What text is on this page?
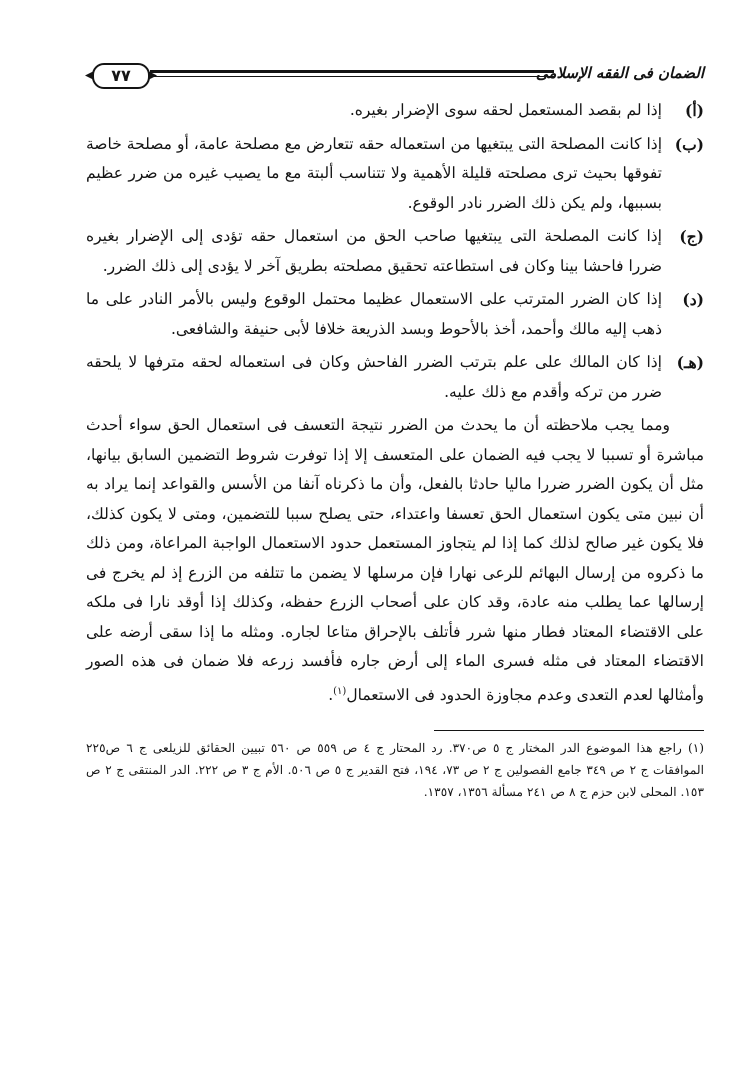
الضمان فى الفقه الإسلامى
٧٧
(أ)
إذا لم بقصد المستعمل لحقه سوى الإضرار بغيره.
(ب)
إذا كانت المصلحة التى يبتغيها من استعماله حقه تتعارض مع مصلحة عامة، أو مصلحة خاصة تفوقها بحيث ترى مصلحته قليلة الأهمية ولا تتناسب ألبتة مع ما يصيب غيره من ضرر عظيم بسببها، ولم يكن ذلك الضرر نادر الوقوع.
(ج)
إذا كانت المصلحة التى يبتغيها صاحب الحق من استعمال حقه تؤدى إلى الإضرار بغيره ضررا فاحشا بينا وكان فى استطاعته تحقيق مصلحته بطريق آخر لا يؤدى إلى ذلك الضرر.
(د)
إذا كان الضرر المترتب على الاستعمال عظيما محتمل الوقوع وليس بالأمر النادر على ما ذهب إليه مالك وأحمد، أخذ بالأحوط وبسد الذريعة خلافا لأبى حنيفة والشافعى.
(هـ)
إذا كان المالك على علم بترتب الضرر الفاحش وكان فى استعماله لحقه مترفها لا يلحقه ضرر من تركه وأقدم مع ذلك عليه.

ومما يجب ملاحظته أن ما يحدث من الضرر نتيجة التعسف فى استعمال الحق سواء أحدث مباشرة أو تسببا لا يجب فيه الضمان على المتعسف إلا إذا توفرت شروط التضمين السابق بيانها، مثل أن يكون الضرر ضررا ماليا حادثا بالفعل، وأن ما ذكرناه آنفا من الأسس والقواعد إنما يراد به أن نبين متى يكون استعمال الحق تعسفا واعتداء، حتى يصلح سببا للتضمين، ومتى لا يكون كذلك، فلا يكون غير صالح لذلك كما إذا لم يتجاوز المستعمل حدود الاستعمال الواجبة المراعاة، ومن ذلك ما ذكروه من إرسال البهائم للرعى نهارا فإن مرسلها لا يضمن ما تتلفه من الزرع إذ لم يخرج فى إرسالها عما يطلب منه عادة، وقد كان على أصحاب الزرع حفظه، وكذلك إذا أوقد نارا فى ملكه على الاقتضاء المعتاد فطار منها شرر فأتلف بالإحراق متاعا لجاره. ومثله ما إذا سقى أرضه على الاقتضاء المعتاد فى مثله فسرى الماء إلى أرض جاره فأفسد زرعه فلا ضمان فى هذه الصور وأمثالها لعدم التعدى وعدم مجاوزة الحدود فى الاستعمال$^{(١)}$.

(١) راجع هذا الموضوع الدر المختار ج ٥ ص٣٧٠. رد المحتار ج ٤ ص ٥٥٩ ص ٥٦٠ تبيين الحقائق للزيلعى ج ٦ ص٢٢٥ الموافقات ج ٢ ص ٣٤٩ جامع الفصولين ج ٢ ص ٧٣، ١٩٤، فتح القدير ج ٥ ص ٥٠٦. الأم ج ٣ ص ٢٢٢. الدر المنتقى ج ٢ ص ١٥٣. المحلى لابن حزم ج ٨ ص ٢٤١ مسألة ١٣٥٦، ١٣٥٧.
